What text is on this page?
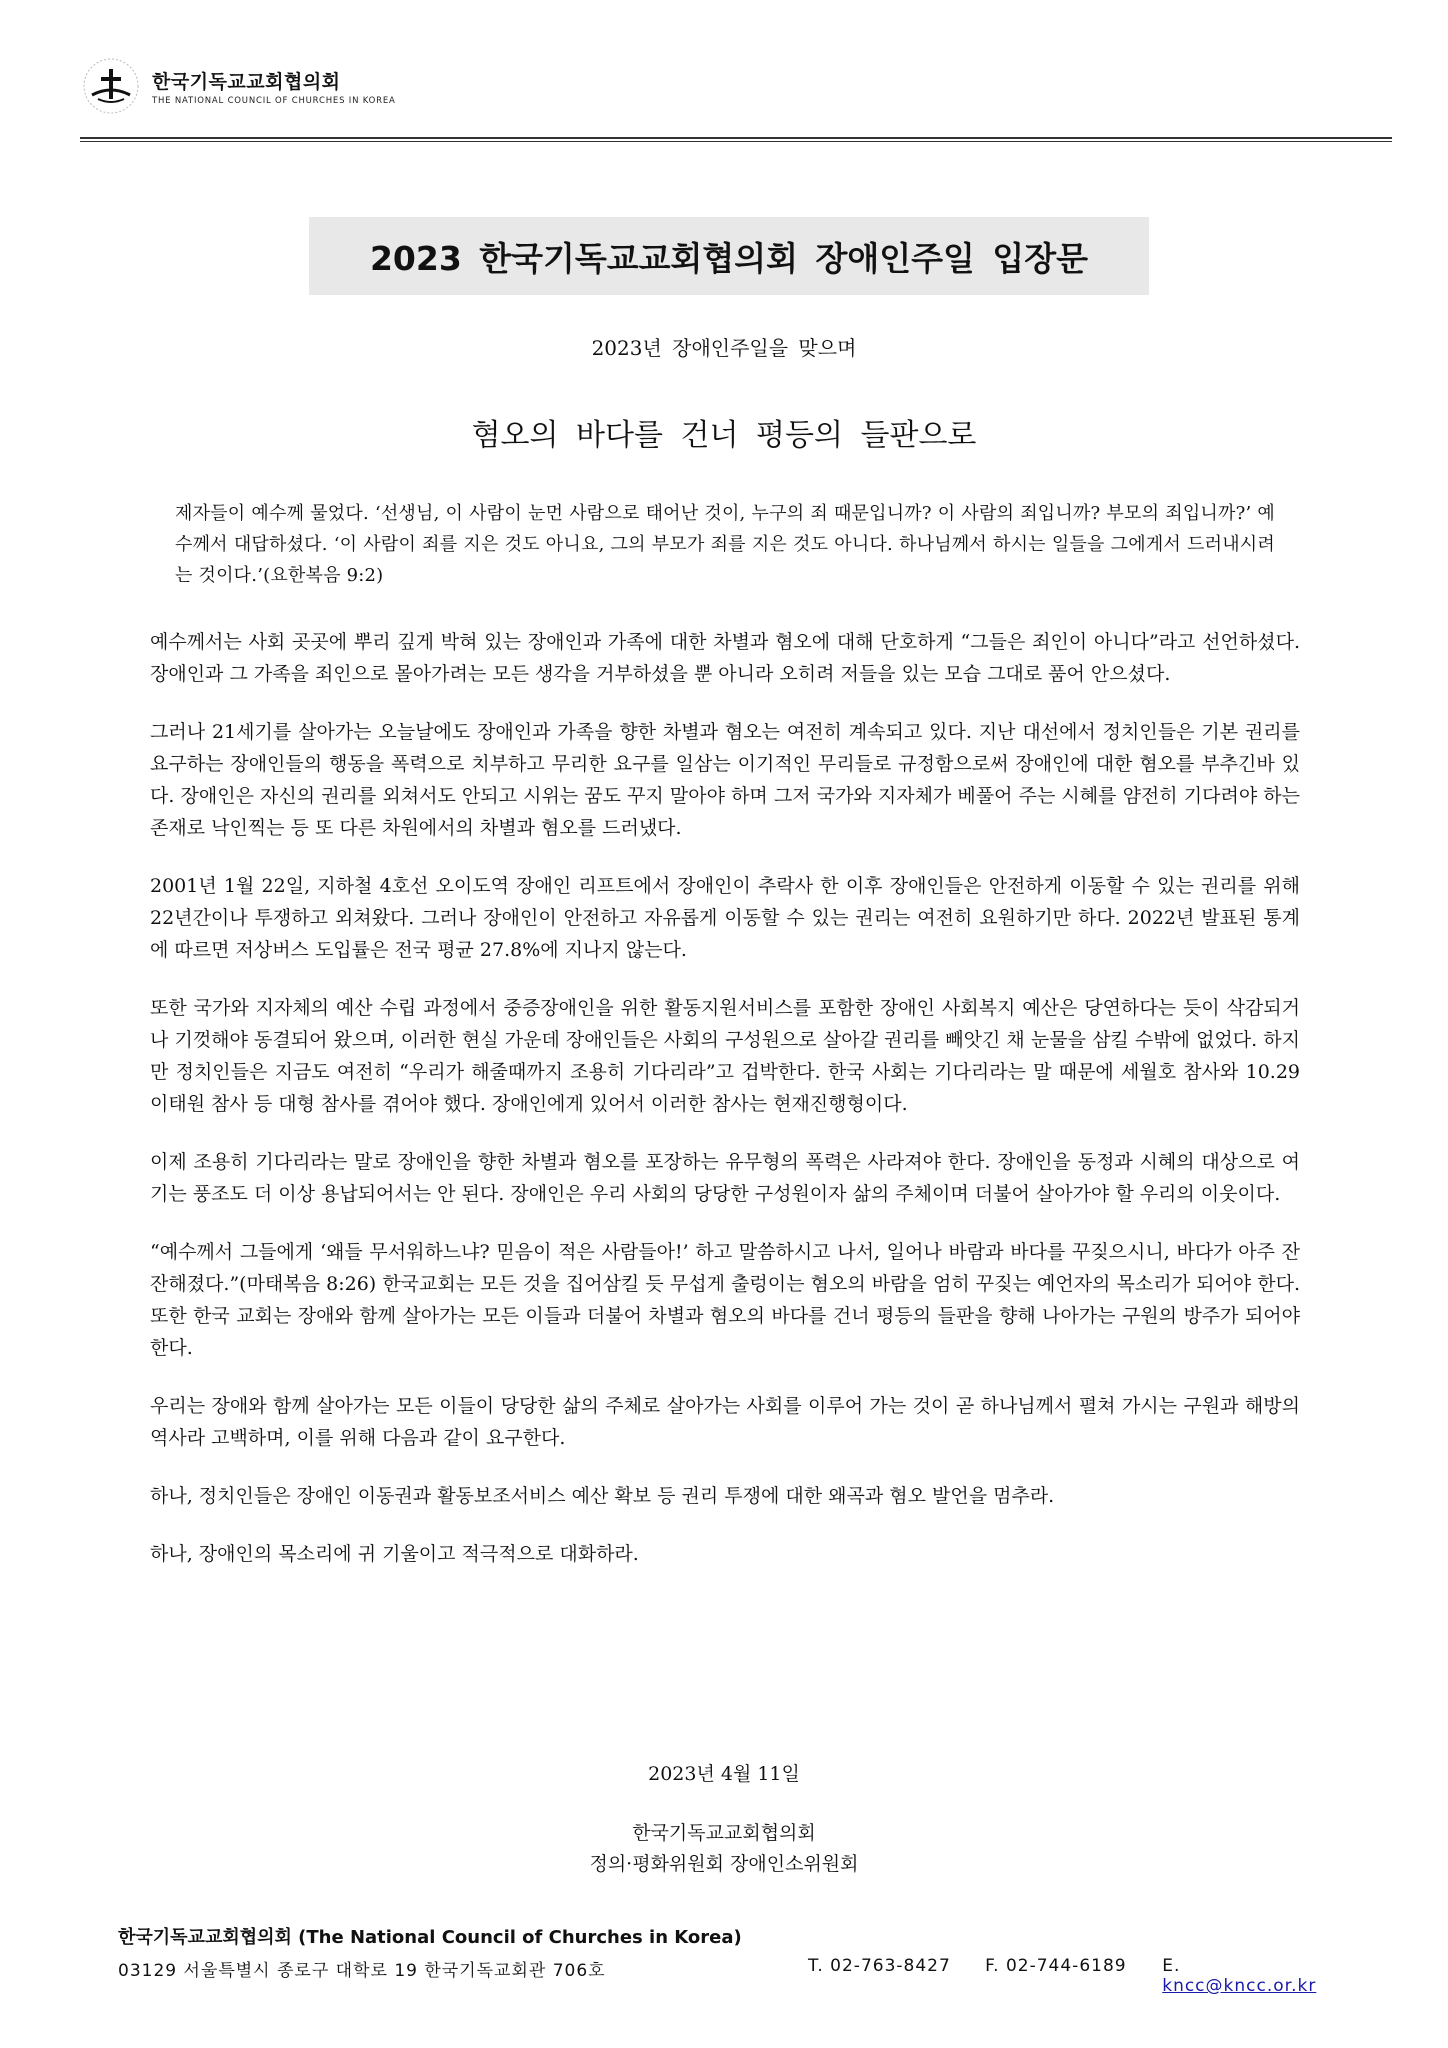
한국기독교교회협의회
THE NATIONAL COUNCIL OF CHURCHES IN KOREA
2023 한국기독교교회협의회 장애인주일 입장문
2023년 장애인주일을 맞으며
혐오의 바다를 건너 평등의 들판으로
제자들이 예수께 물었다. ‘선생님, 이 사람이 눈먼 사람으로 태어난 것이, 누구의 죄 때문입니까? 이 사람의 죄입니까? 부모의 죄입니까?’ 예수께서 대답하셨다. ‘이 사람이 죄를 지은 것도 아니요, 그의 부모가 죄를 지은 것도 아니다. 하나님께서 하시는 일들을 그에게서 드러내시려는 것이다.’(요한복음 9:2)

예수께서는 사회 곳곳에 뿌리 깊게 박혀 있는 장애인과 가족에 대한 차별과 혐오에 대해 단호하게 “그들은 죄인이 아니다”라고 선언하셨다. 장애인과 그 가족을 죄인으로 몰아가려는 모든 생각을 거부하셨을 뿐 아니라 오히려 저들을 있는 모습 그대로 품어 안으셨다.

그러나 21세기를 살아가는 오늘날에도 장애인과 가족을 향한 차별과 혐오는 여전히 계속되고 있다. 지난 대선에서 정치인들은 기본 권리를 요구하는 장애인들의 행동을 폭력으로 치부하고 무리한 요구를 일삼는 이기적인 무리들로 규정함으로써 장애인에 대한 혐오를 부추긴바 있다. 장애인은 자신의 권리를 외쳐서도 안되고 시위는 꿈도 꾸지 말아야 하며 그저 국가와 지자체가 베풀어 주는 시혜를 얌전히 기다려야 하는 존재로 낙인찍는 등 또 다른 차원에서의 차별과 혐오를 드러냈다.

2001년 1월 22일, 지하철 4호선 오이도역 장애인 리프트에서 장애인이 추락사 한 이후 장애인들은 안전하게 이동할 수 있는 권리를 위해 22년간이나 투쟁하고 외쳐왔다. 그러나 장애인이 안전하고 자유롭게 이동할 수 있는 권리는 여전히 요원하기만 하다. 2022년 발표된 통계에 따르면 저상버스 도입률은 전국 평균 27.8%에 지나지 않는다.

또한 국가와 지자체의 예산 수립 과정에서 중증장애인을 위한 활동지원서비스를 포함한 장애인 사회복지 예산은 당연하다는 듯이 삭감되거나 기껏해야 동결되어 왔으며, 이러한 현실 가운데 장애인들은 사회의 구성원으로 살아갈 권리를 빼앗긴 채 눈물을 삼킬 수밖에 없었다. 하지만 정치인들은 지금도 여전히 “우리가 해줄때까지 조용히 기다리라”고 겁박한다. 한국 사회는 기다리라는 말 때문에 세월호 참사와 10.29 이태원 참사 등 대형 참사를 겪어야 했다. 장애인에게 있어서 이러한 참사는 현재진행형이다.

이제 조용히 기다리라는 말로 장애인을 향한 차별과 혐오를 포장하는 유무형의 폭력은 사라져야 한다. 장애인을 동정과 시혜의 대상으로 여기는 풍조도 더 이상 용납되어서는 안 된다. 장애인은 우리 사회의 당당한 구성원이자 삶의 주체이며 더불어 살아가야 할 우리의 이웃이다.

“예수께서 그들에게 ‘왜들 무서워하느냐? 믿음이 적은 사람들아!’ 하고 말씀하시고 나서, 일어나 바람과 바다를 꾸짖으시니, 바다가 아주 잔잔해졌다.”(마태복음 8:26) 한국교회는 모든 것을 집어삼킬 듯 무섭게 출렁이는 혐오의 바람을 엄히 꾸짖는 예언자의 목소리가 되어야 한다. 또한 한국 교회는 장애와 함께 살아가는 모든 이들과 더불어 차별과 혐오의 바다를 건너 평등의 들판을 향해 나아가는 구원의 방주가 되어야 한다.

우리는 장애와 함께 살아가는 모든 이들이 당당한 삶의 주체로 살아가는 사회를 이루어 가는 것이 곧 하나님께서 펼쳐 가시는 구원과 해방의 역사라 고백하며, 이를 위해 다음과 같이 요구한다.

하나, 정치인들은 장애인 이동권과 활동보조서비스 예산 확보 등 권리 투쟁에 대한 왜곡과 혐오 발언을 멈추라.

하나, 장애인의 목소리에 귀 기울이고 적극적으로 대화하라.

2023년 4월 11일
한국기독교교회협의회
정의·평화위원회 장애인소위원회
한국기독교교회협의회 (The National Council of Churches in Korea)
03129 서울특별시 종로구 대학로 19 한국기독교회관 706호	T. 02-763-8427	F. 02-744-6189	E. kncc@kncc.or.kr
